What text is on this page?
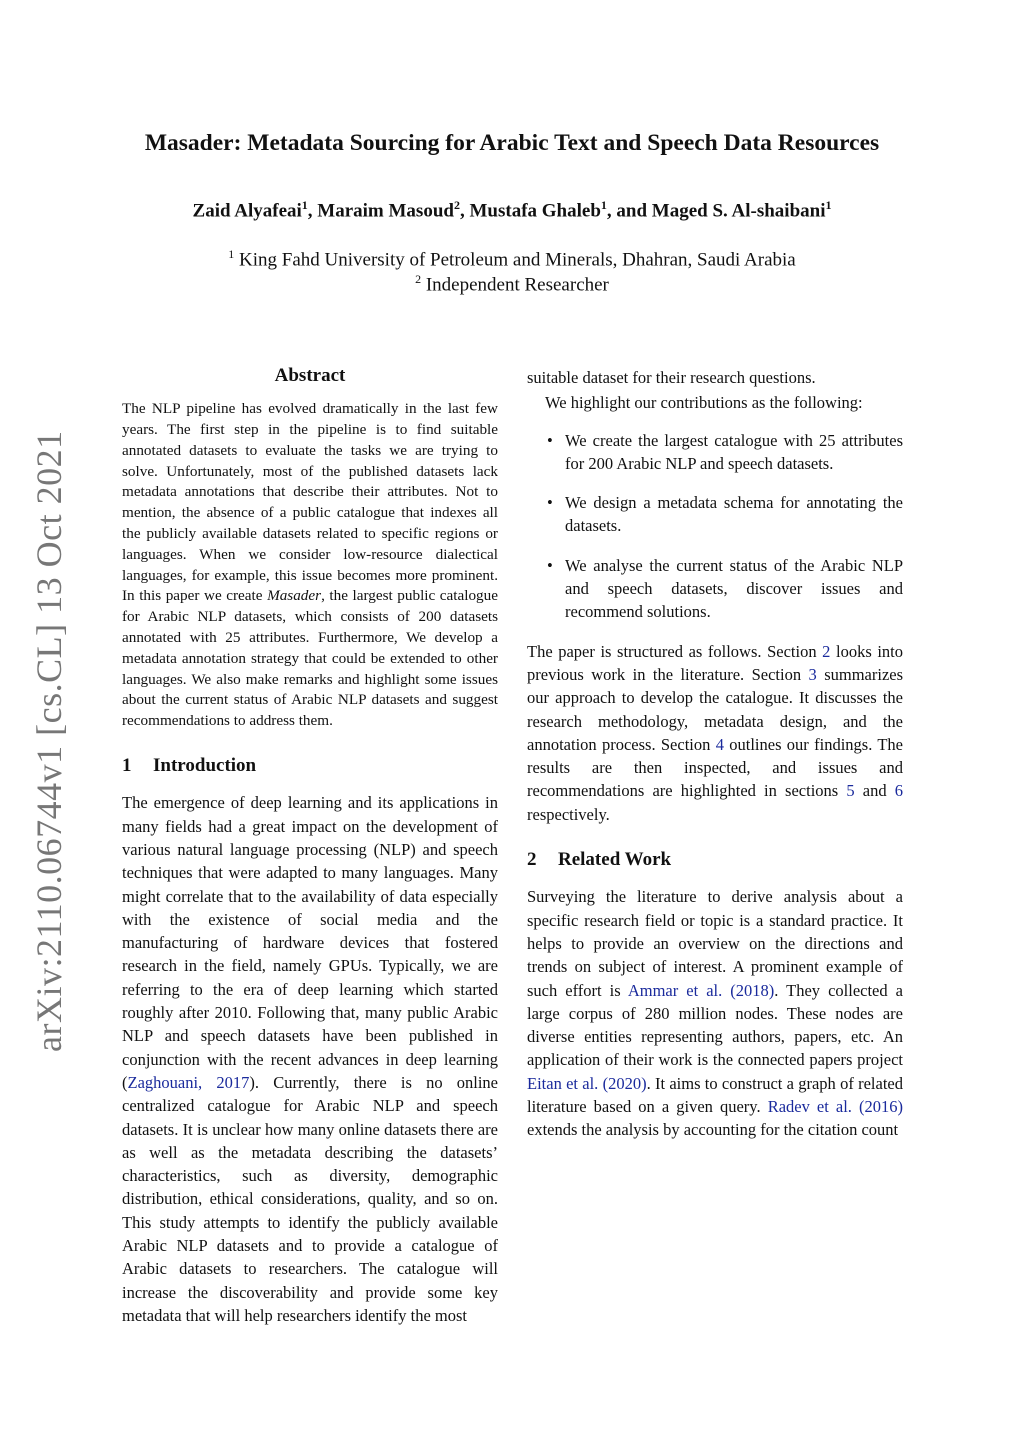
arXiv:2110.06744v1 [cs.CL] 13 Oct 2021
Masader: Metadata Sourcing for Arabic Text and Speech Data Resources
Zaid Alyafeai$^1$, Maraim Masoud$^2$, Mustafa Ghaleb$^1$, and Maged S. Al-shaibani$^1$
$^1$ King Fahd University of Petroleum and Minerals, Dhahran, Saudi Arabia
$^2$ Independent Researcher
Abstract

The NLP pipeline has evolved dramatically in the last few years. The first step in the pipeline is to find suitable annotated datasets to evaluate the tasks we are trying to solve. Unfortunately, most of the published datasets lack metadata annotations that describe their attributes. Not to mention, the absence of a public catalogue that indexes all the publicly available datasets related to specific regions or languages. When we consider low-resource dialectical languages, for example, this issue becomes more prominent. In this paper we create Masader, the largest public catalogue for Arabic NLP datasets, which consists of 200 datasets annotated with 25 attributes. Furthermore, We develop a metadata annotation strategy that could be extended to other languages. We also make remarks and highlight some issues about the current status of Arabic NLP datasets and suggest recommendations to address them.

1 Introduction

The emergence of deep learning and its applications in many fields had a great impact on the development of various natural language processing (NLP) and speech techniques that were adapted to many languages. Many might correlate that to the availability of data especially with the existence of social media and the manufacturing of hardware devices that fostered research in the field, namely GPUs. Typically, we are referring to the era of deep learning which started roughly after 2010. Following that, many public Arabic NLP and speech datasets have been published in conjunction with the recent advances in deep learning (Zaghouani, 2017). Currently, there is no online centralized catalogue for Arabic NLP and speech datasets. It is unclear how many online datasets there are as well as the metadata describing the datasets’ characteristics, such as diversity, demographic distribution, ethical considerations, quality, and so on. This study attempts to identify the publicly available Arabic NLP datasets and to provide a catalogue of Arabic datasets to researchers. The catalogue will increase the discoverability and provide some key metadata that will help researchers identify the most

suitable dataset for their research questions.

We highlight our contributions as the following:

• We create the largest catalogue with 25 attributes for 200 Arabic NLP and speech datasets.
• We design a metadata schema for annotating the datasets.
• We analyse the current status of the Arabic NLP and speech datasets, discover issues and recommend solutions.

The paper is structured as follows. Section 2 looks into previous work in the literature. Section 3 summarizes our approach to develop the catalogue. It discusses the research methodology, metadata design, and the annotation process. Section 4 outlines our findings. The results are then inspected, and issues and recommendations are highlighted in sections 5 and 6 respectively.

2 Related Work

Surveying the literature to derive analysis about a specific research field or topic is a standard practice. It helps to provide an overview on the directions and trends on subject of interest. A prominent example of such effort is Ammar et al. (2018). They collected a large corpus of 280 million nodes. These nodes are diverse entities representing authors, papers, etc. An application of their work is the connected papers project Eitan et al. (2020). It aims to construct a graph of related literature based on a given query. Radev et al. (2016) extends the analysis by accounting for the citation count
